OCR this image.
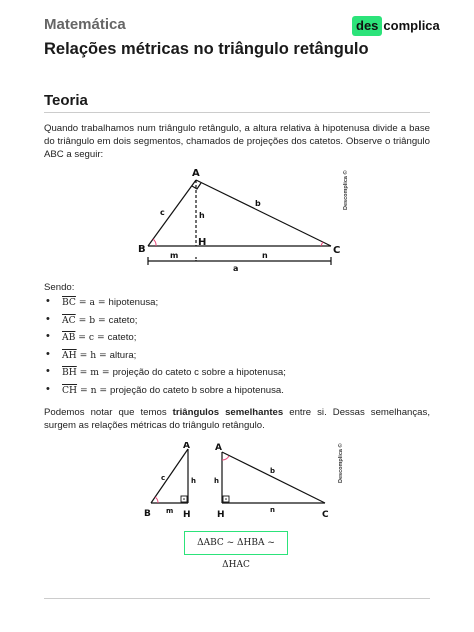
Matemática	des complica
Relações métricas no triângulo retângulo
Teoria
Quando trabalhamos num triângulo retângulo, a altura relativa à hipotenusa divide a base do triângulo em dois segmentos, chamados de projeções dos catetos. Observe o triângulo ABC a seguir:
A
B	C
H
c
b
h
m	n
a
Descomplica ©
Sendo:
• $\overline{BC} = a$ = hipotenusa;
• $\overline{AC} = b$ = cateto;
• $\overline{AB} = c$ = cateto;
• $\overline{AH} = h$ = altura;
• $\overline{BH} = m$ = projeção do cateto c sobre a hipotenusa;
• $\overline{CH} = n$ = projeção do cateto b sobre a hipotenusa.
Podemos notar que temos triângulos semelhantes entre si. Dessas semelhanças, surgem as relações métricas do triângulo retângulo.
A
B	H
c	h
m
A
C
H
b
h
n
Descomplica ©
ΔABC ~ ΔHBA ~ ΔHAC
